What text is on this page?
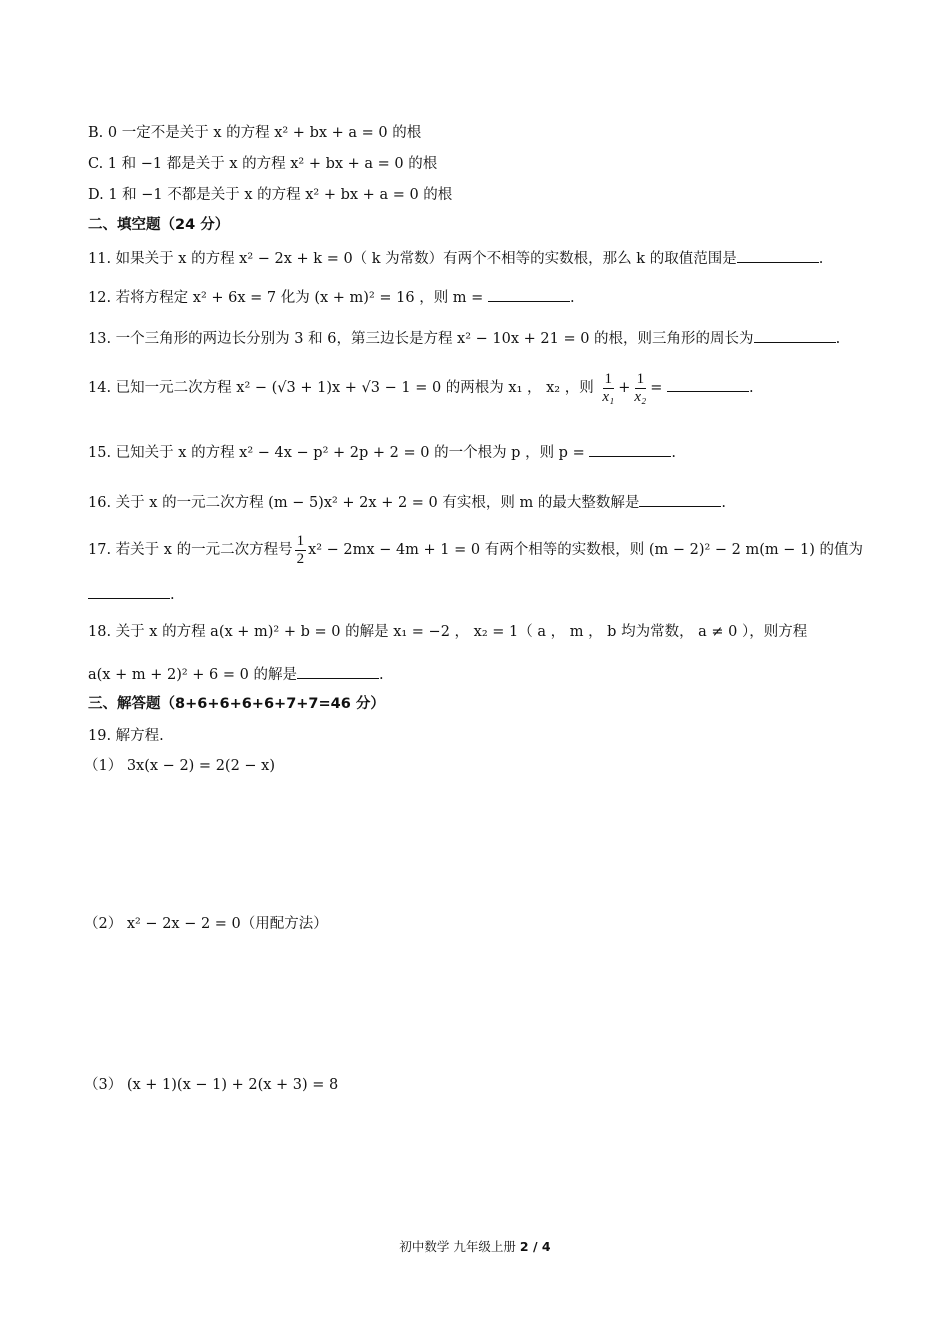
B. 0 一定不是关于 x 的方程 x² + bx + a = 0 的根
C. 1 和 −1 都是关于 x 的方程 x² + bx + a = 0 的根
D. 1 和 −1 不都是关于 x 的方程 x² + bx + a = 0 的根
二、填空题（24 分）
11. 如果关于 x 的方程 x² − 2x + k = 0（ k 为常数）有两个不相等的实数根，那么 k 的取值范围是	.
12. 若将方程定 x² + 6x = 7 化为 (x + m)² = 16 ，则 m =	.
13. 一个三角形的两边长分别为 3 和 6，第三边长是方程 x² − 10x + 21 = 0 的根，则三角形的周长为	.
14. 已知一元二次方程 x² − (√3 + 1)x + √3 − 1 = 0 的两根为 x₁ ， x₂ ，则 $\frac{1}{\text{x₁}} + \frac{1}{\text{x₂}}$ =	.
15. 已知关于 x 的方程 x² − 4x − p² + 2p + 2 = 0 的一个根为 p ，则 p =	.
16. 关于 x 的一元二次方程 (m − 5)x² + 2x + 2 = 0 有实根，则 m 的最大整数解是	.
17. 若关于 x 的一元二次方程号 $\frac{1}{2} x^2 - 2mx - 4m + 1 = 0$ 有两个相等的实数根，则 (m − 2)² − 2 m(m − 1) 的值为
.
18. 关于 x 的方程 a(x + m)² + b = 0 的解是 x₁ = −2 ， x₂ = 1（ a ， m ， b 均为常数， a ≠ 0 ），则方程
a(x + m + 2)² + 6 = 0 的解是	.
三、解答题（8+6+6+6+6+7+7=46 分）
19. 解方程.
（1） 3x(x − 2) = 2(2 − x)
（2） x² − 2x − 2 = 0（用配方法）
（3） (x + 1)(x − 1) + 2(x + 3) = 8
初中数学 九年级上册 2 / 4
